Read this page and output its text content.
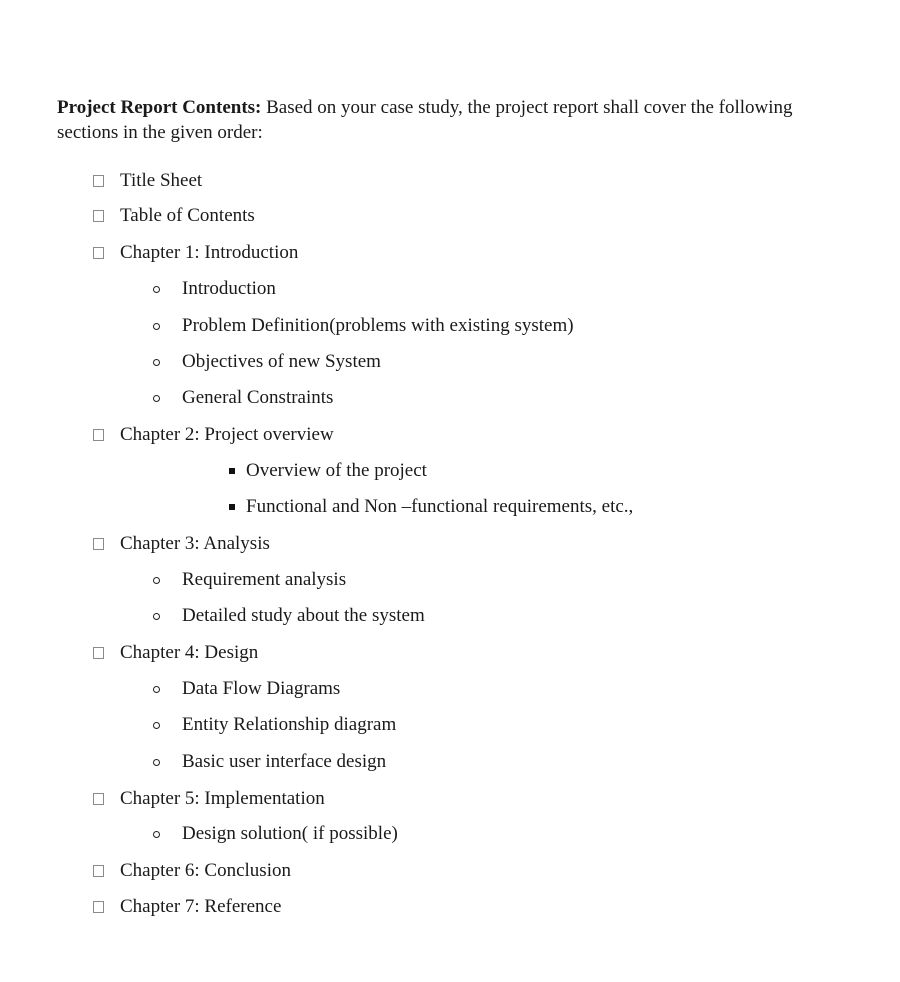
Project Report Contents: Based on your case study, the project report shall cover the following sections in the given order:
Title Sheet
Table of Contents
Chapter 1: Introduction
Introduction
Problem Definition(problems with existing system)
Objectives of new System
General Constraints
Chapter 2: Project overview
Overview of the project
Functional and Non –functional requirements, etc.,
Chapter 3: Analysis
Requirement analysis
Detailed study about the system
Chapter 4: Design
Data Flow Diagrams
Entity Relationship diagram
Basic user interface design
Chapter 5: Implementation
Design solution( if possible)
Chapter 6: Conclusion
Chapter 7: Reference
